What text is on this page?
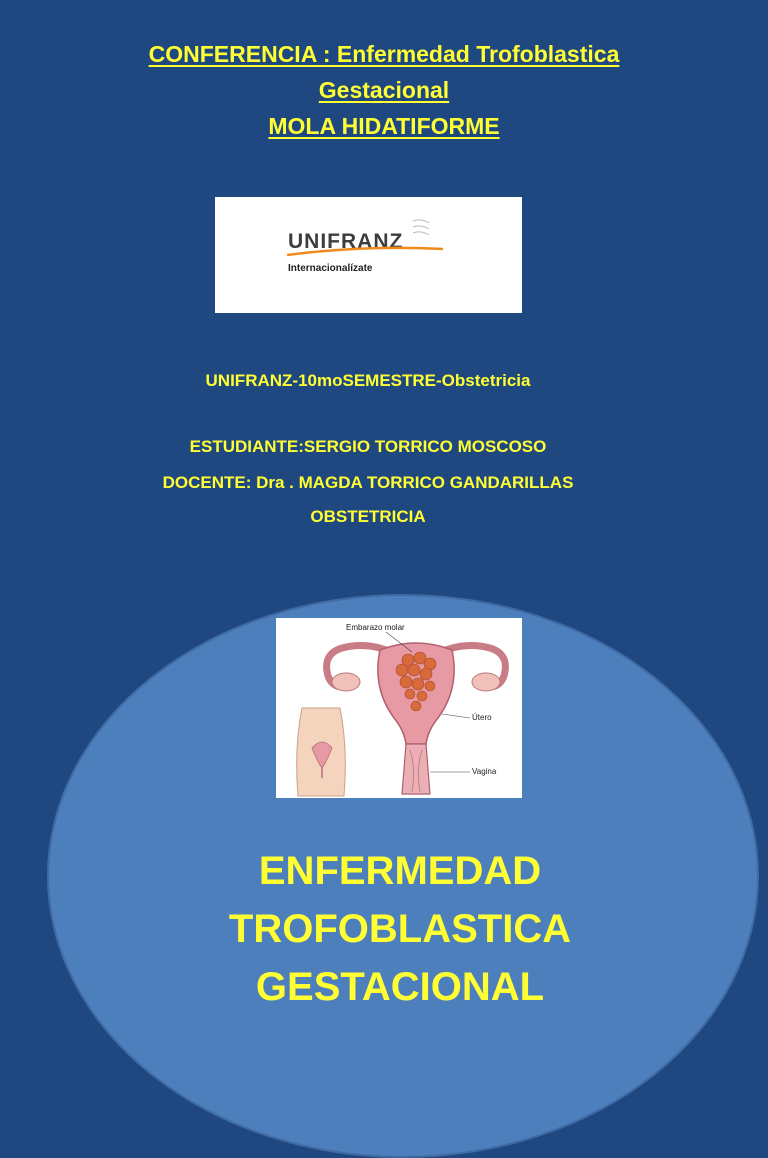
CONFERENCIA : Enfermedad Trofoblastica
Gestacional
MOLA HIDATIFORME
UNIFRANZ
Internacionalízate
UNIFRANZ-10moSEMESTRE-Obstetricia
ESTUDIANTE:SERGIO TORRICO MOSCOSO
DOCENTE: Dra . MAGDA TORRICO GANDARILLAS
OBSTETRICIA
Embarazo molar
Útero
Vagina
ENFERMEDAD
TROFOBLASTICA
GESTACIONAL
